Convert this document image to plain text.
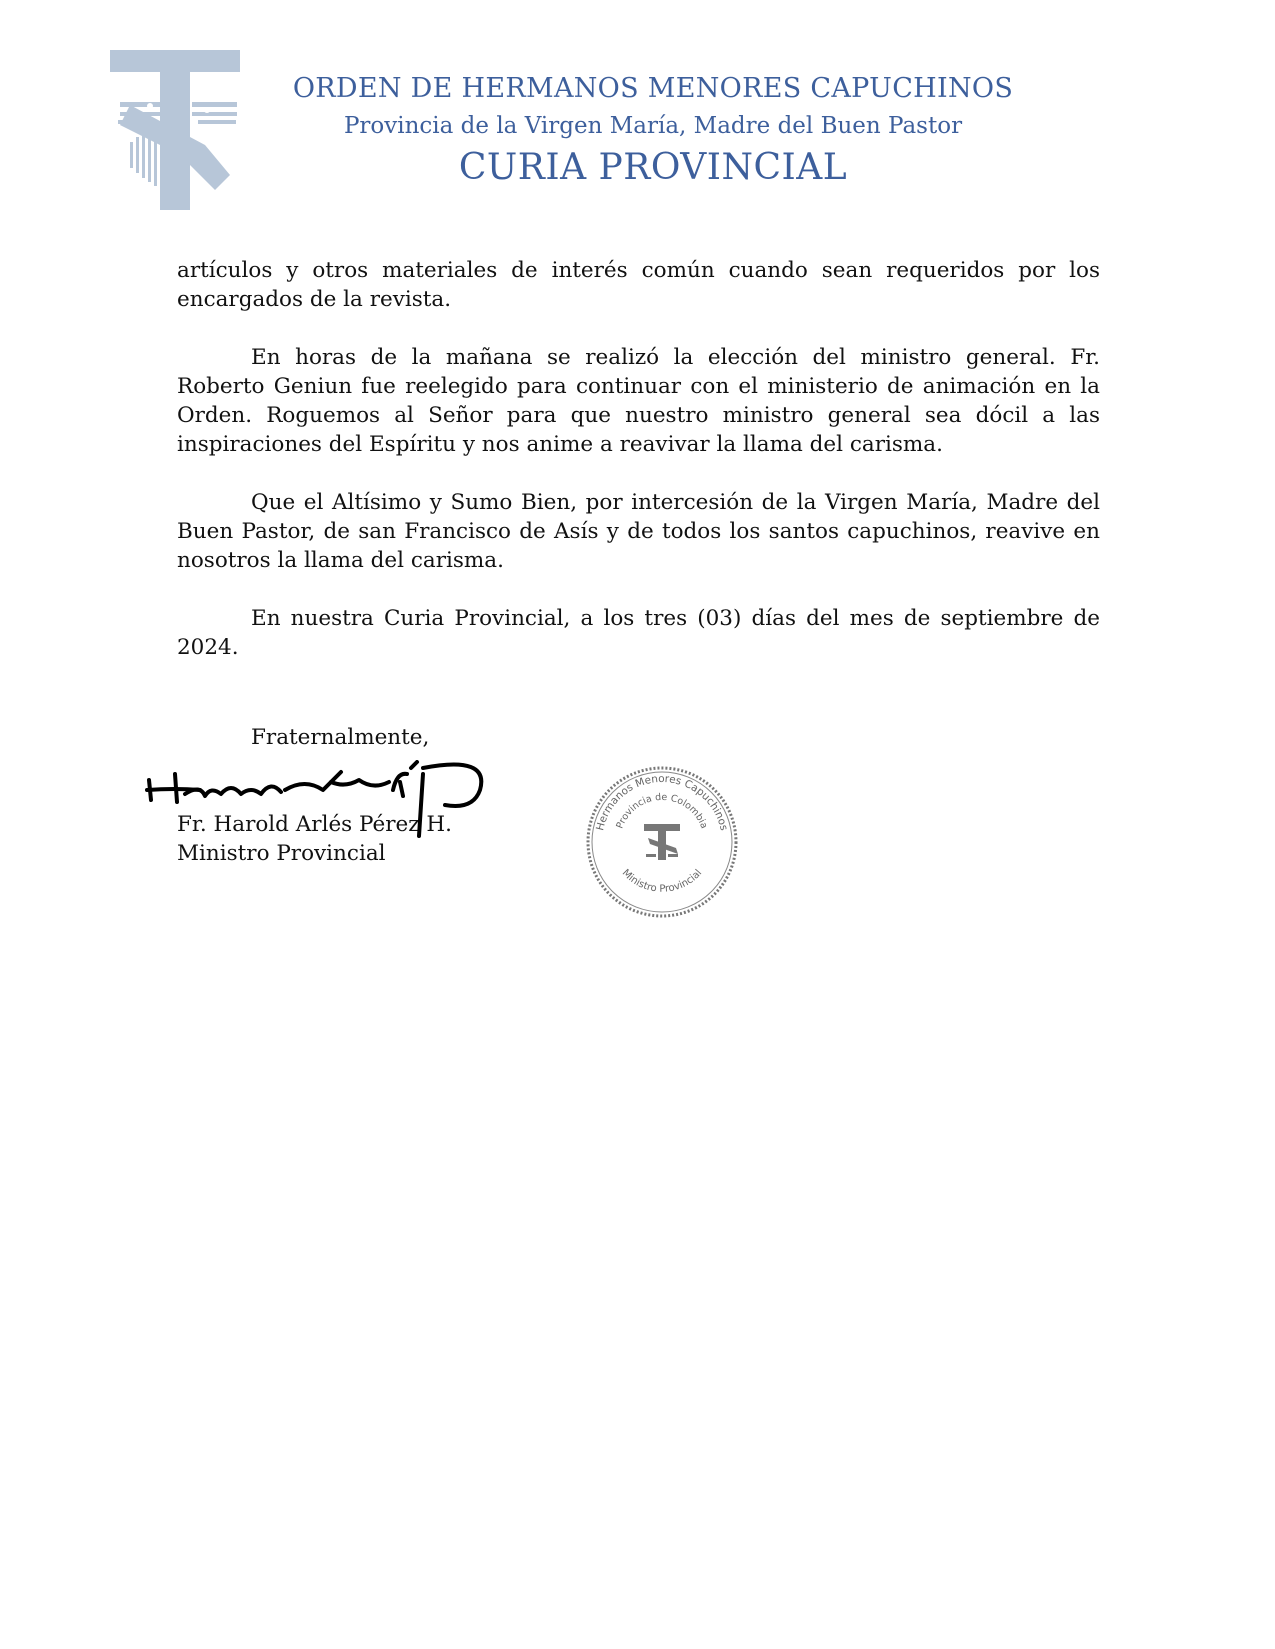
ORDEN DE HERMANOS MENORES CAPUCHINOS
Provincia de la Virgen María, Madre del Buen Pastor
CURIA PROVINCIAL

artículos y otros materiales de interés común cuando sean requeridos por los encargados de la revista.

En horas de la mañana se realizó la elección del ministro general. Fr. Roberto Geniun fue reelegido para continuar con el ministerio de animación en la Orden. Roguemos al Señor para que nuestro ministro general sea dócil a las inspiraciones del Espíritu y nos anime a reavivar la llama del carisma.

Que el Altísimo y Sumo Bien, por intercesión de la Virgen María, Madre del Buen Pastor, de san Francisco de Asís y de todos los santos capuchinos, reavive en nosotros la llama del carisma.

En nuestra Curia Provincial, a los tres (03) días del mes de septiembre de 2024.

Fraternalmente,
Fr. Harold Arlés Pérez H.
Ministro Provincial
Hermanos Menores Capuchinos
Provincia de Colombia
Ministro Provincial
